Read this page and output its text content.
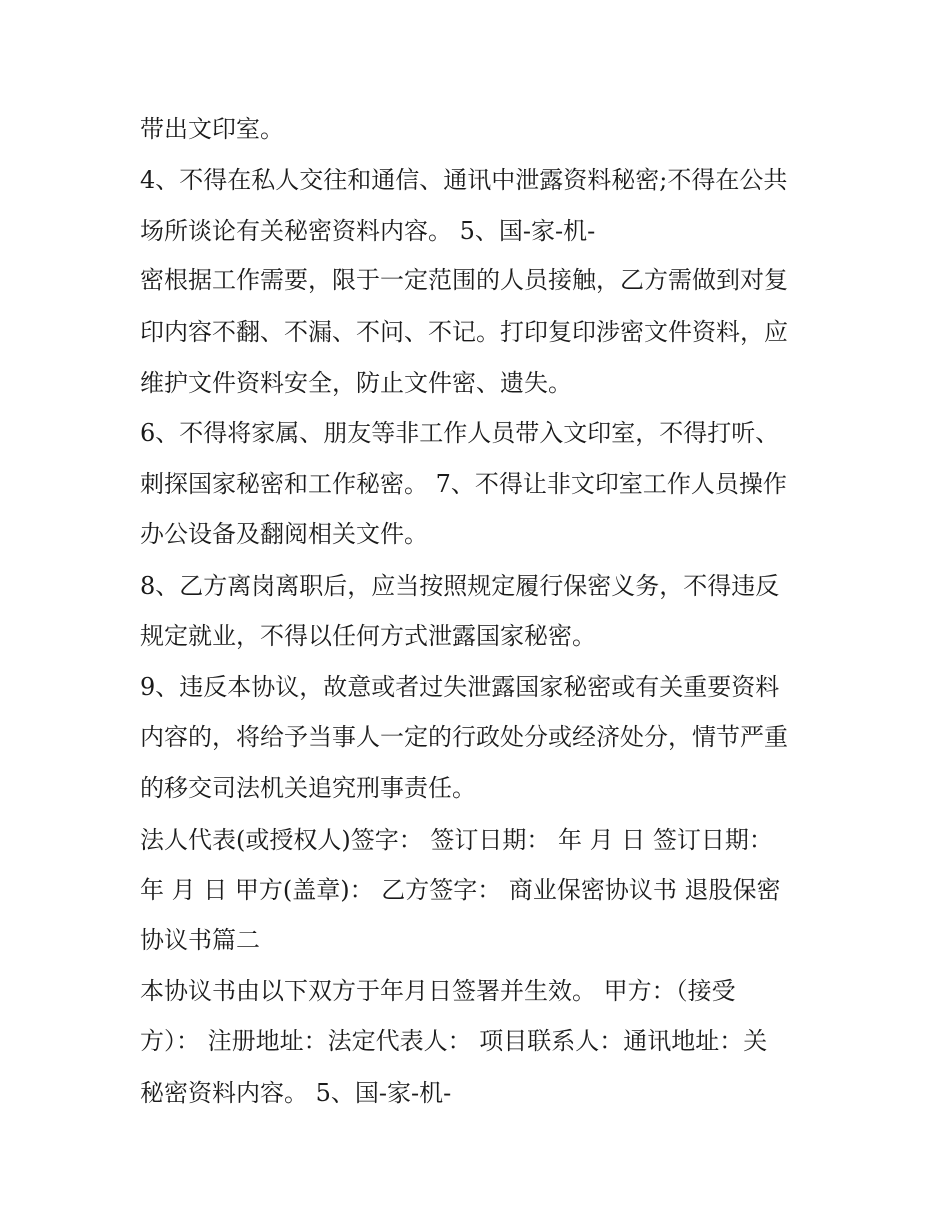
带出文印室。

4、不得在私人交往和通信、通讯中泄露资料秘密;不得在公共

场所谈论有关秘密资料内容。 5、国-家-机-

密根据工作需要，限于一定范围的人员接触，乙方需做到对复

印内容不翻、不漏、不问、不记。打印复印涉密文件资料，应

维护文件资料安全，防止文件密、遗失。

6、不得将家属、朋友等非工作人员带入文印室，不得打听、

刺探国家秘密和工作秘密。 7、不得让非文印室工作人员操作

办公设备及翻阅相关文件。

8、乙方离岗离职后，应当按照规定履行保密义务，不得违反

规定就业，不得以任何方式泄露国家秘密。

9、违反本协议，故意或者过失泄露国家秘密或有关重要资料

内容的，将给予当事人一定的行政处分或经济处分，情节严重

的移交司法机关追究刑事责任。

法人代表(或授权人)签字： 签订日期： 年 月 日 签订日期：

年 月 日 甲方(盖章)： 乙方签字： 商业保密协议书 退股保密

协议书篇二

本协议书由以下双方于年月日签署并生效。 甲方：（接受

方）： 注册地址：法定代表人： 项目联系人：通讯地址：关

秘密资料内容。 5、国-家-机-
